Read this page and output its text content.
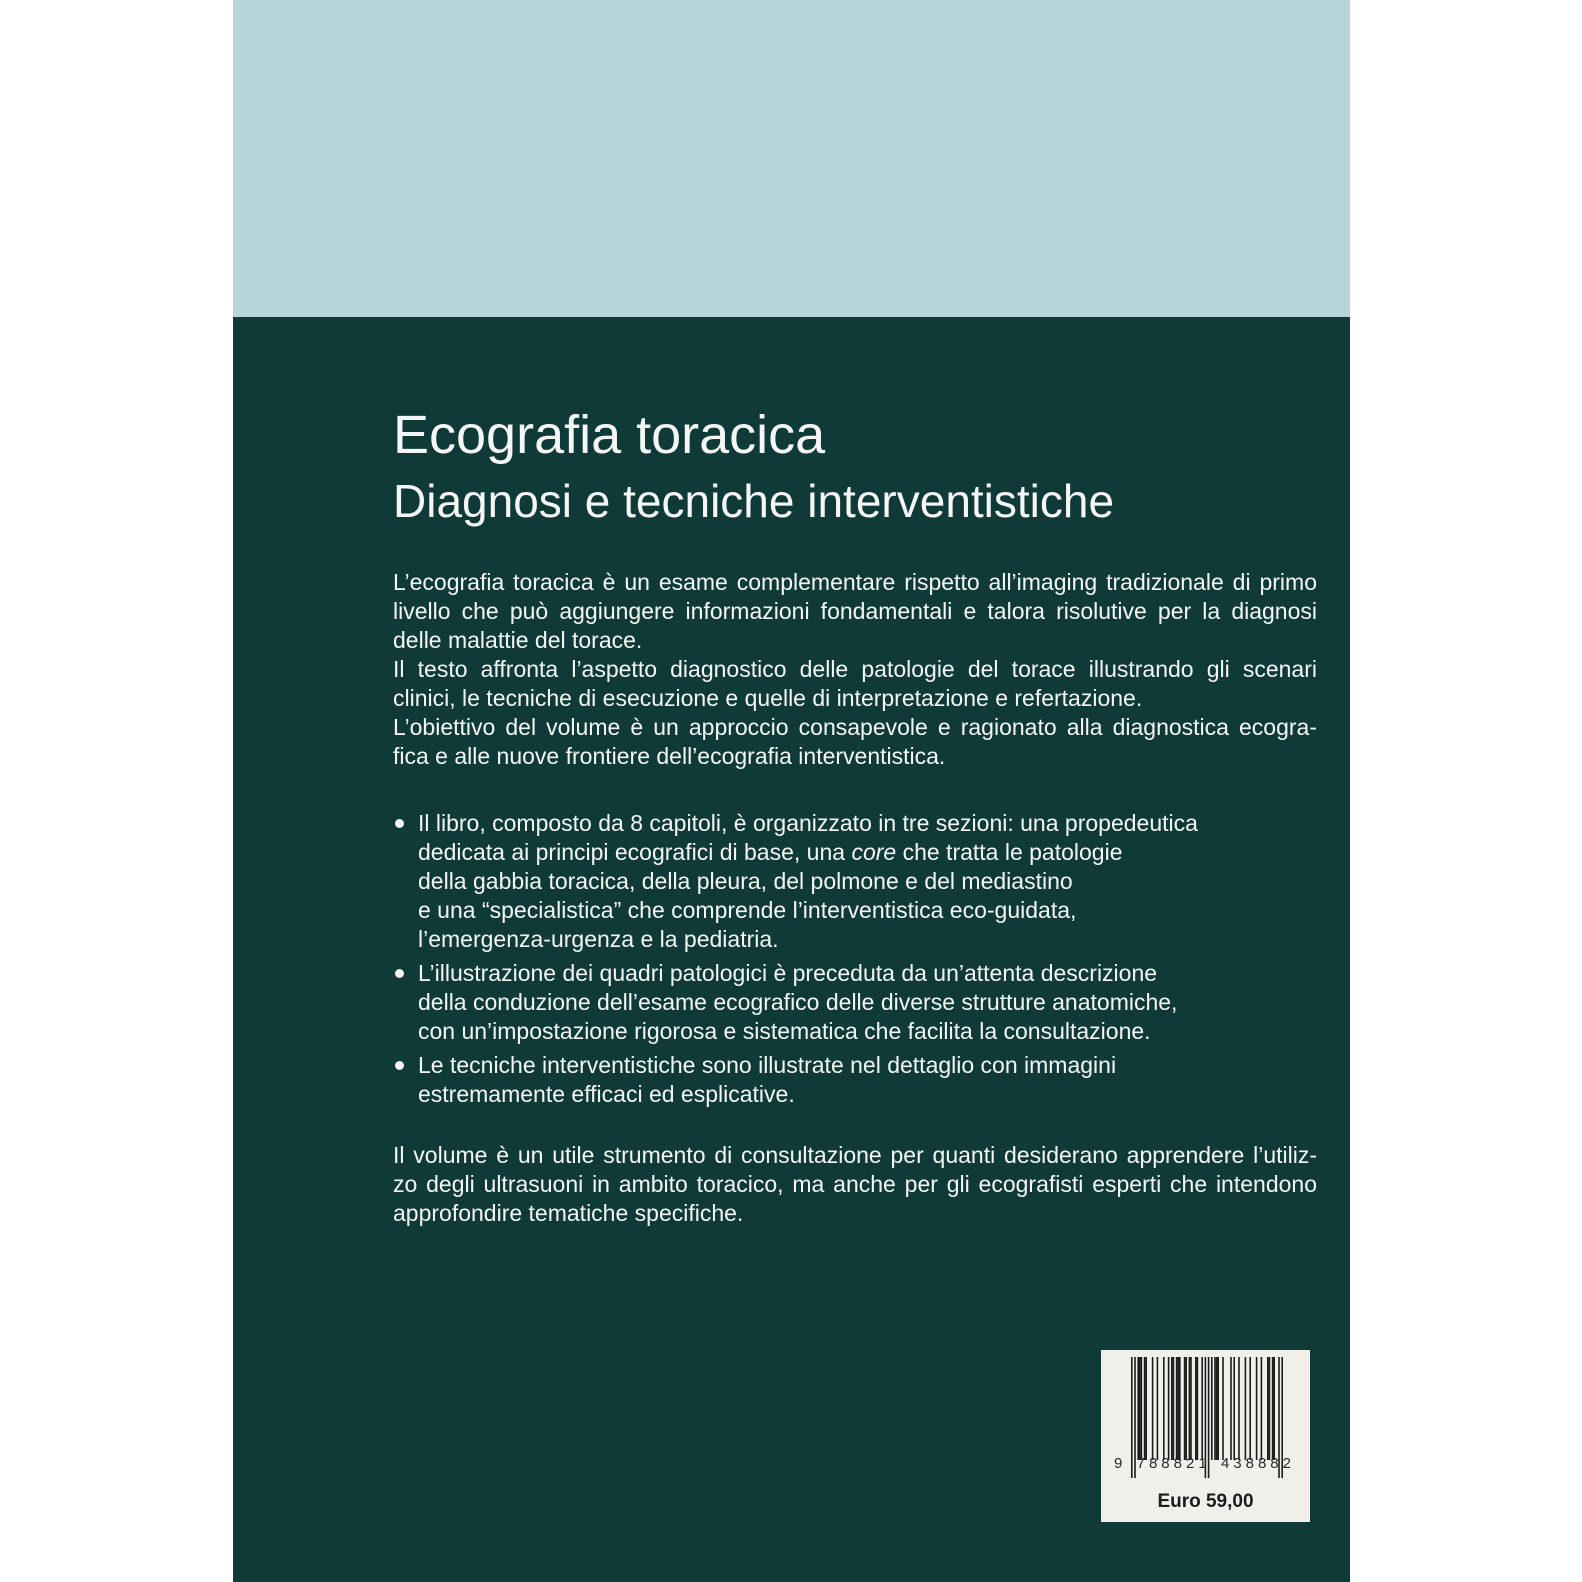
Ecografia toracica
Diagnosi e tecniche interventistiche
L’ecografia toracica è un esame complementare rispetto all’imaging tradizionale di primo
livello che può aggiungere informazioni fondamentali e talora risolutive per la diagnosi
delle malattie del torace.
Il testo affronta l’aspetto diagnostico delle patologie del torace illustrando gli scenari
clinici, le tecniche di esecuzione e quelle di interpretazione e refertazione.
L’obiettivo del volume è un approccio consapevole e ragionato alla diagnostica ecogra-
fica e alle nuove frontiere dell’ecografia interventistica.
Il libro, composto da 8 capitoli, è organizzato in tre sezioni: una propedeutica
dedicata ai principi ecografici di base, una core che tratta le patologie
della gabbia toracica, della pleura, del polmone e del mediastino
e una “specialistica” che comprende l’interventistica eco-guidata,
l’emergenza-urgenza e la pediatria.
L’illustrazione dei quadri patologici è preceduta da un’attenta descrizione
della conduzione dell’esame ecografico delle diverse strutture anatomiche,
con un’impostazione rigorosa e sistematica che facilita la consultazione.
Le tecniche interventistiche sono illustrate nel dettaglio con immagini
estremamente efficaci ed esplicative.
Il volume è un utile strumento di consultazione per quanti desiderano apprendere l’utiliz-
zo degli ultrasuoni in ambito toracico, ma anche per gli ecografisti esperti che intendono
approfondire tematiche specifiche.
9 788821 438882
Euro 59,00
